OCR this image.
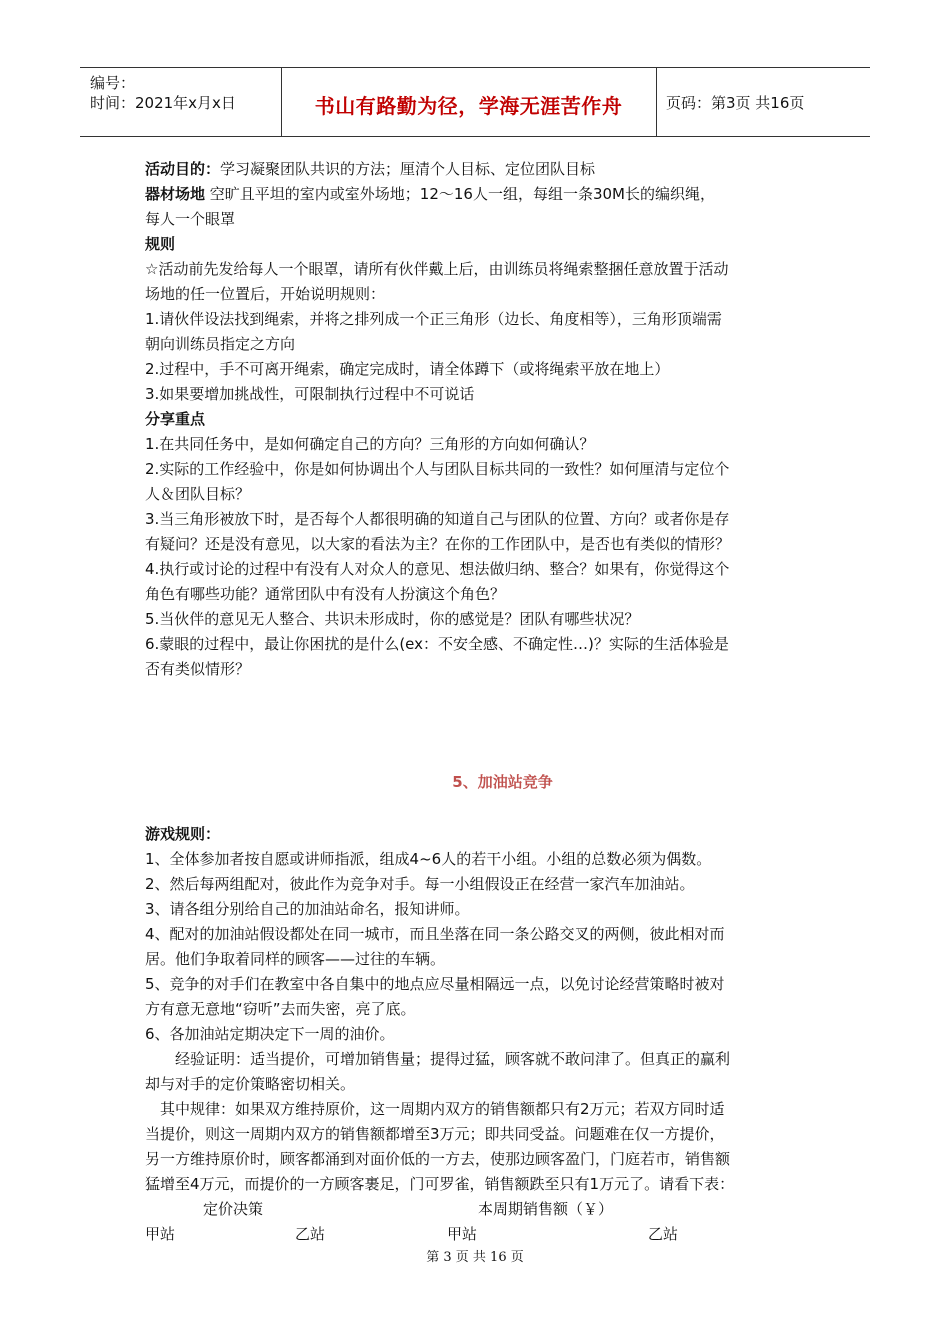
编号：
时间：2021年x月x日	书山有路勤为径，学海无涯苦作舟	页码：第3页 共16页
活动目的：学习凝聚团队共识的方法；厘清个人目标、定位团队目标
器材场地 空旷且平坦的室内或室外场地；12～16人一组，每组一条30M长的编织绳，
每人一个眼罩
规则
☆活动前先发给每人一个眼罩，请所有伙伴戴上后，由训练员将绳索整捆任意放置于活动
场地的任一位置后，开始说明规则：
1.请伙伴设法找到绳索，并将之排列成一个正三角形（边长、角度相等），三角形顶端需
朝向训练员指定之方向
2.过程中，手不可离开绳索，确定完成时，请全体蹲下（或将绳索平放在地上）
3.如果要增加挑战性，可限制执行过程中不可说话
分享重点
1.在共同任务中，是如何确定自己的方向？三角形的方向如何确认？
2.实际的工作经验中，你是如何协调出个人与团队目标共同的一致性？如何厘清与定位个
人＆团队目标？
3.当三角形被放下时，是否每个人都很明确的知道自己与团队的位置、方向？或者你是存
有疑问？还是没有意见，以大家的看法为主？在你的工作团队中，是否也有类似的情形？
4.执行或讨论的过程中有没有人对众人的意见、想法做归纳、整合？如果有，你觉得这个
角色有哪些功能？通常团队中有没有人扮演这个角色？
5.当伙伴的意见无人整合、共识未形成时，你的感觉是？团队有哪些状况？
6.蒙眼的过程中，最让你困扰的是什么(ex：不安全感、不确定性…)？实际的生活体验是
否有类似情形？
5、加油站竞争
游戏规则：
1、全体参加者按自愿或讲师指派，组成4~6人的若干小组。小组的总数必须为偶数。
2、然后每两组配对，彼此作为竞争对手。每一小组假设正在经营一家汽车加油站。
3、请各组分别给自己的加油站命名，报知讲师。
4、配对的加油站假设都处在同一城市，而且坐落在同一条公路交叉的两侧，彼此相对而
居。他们争取着同样的顾客——过往的车辆。
5、竞争的对手们在教室中各自集中的地点应尽量相隔远一点，以免讨论经营策略时被对
方有意无意地“窃听”去而失密，亮了底。
6、各加油站定期决定下一周的油价。
经验证明：适当提价，可增加销售量；提得过猛，顾客就不敢问津了。但真正的赢利
却与对手的定价策略密切相关。
其中规律：如果双方维持原价，这一周期内双方的销售额都只有2万元；若双方同时适
当提价，则这一周期内双方的销售额都增至3万元；即共同受益。问题难在仅一方提价，
另一方维持原价时，顾客都涌到对面价低的一方去，使那边顾客盈门，门庭若市，销售额
猛增至4万元，而提价的一方顾客裹足，门可罗雀，销售额跌至只有1万元了。请看下表：
定价决策	本周期销售额（￥）
甲站	乙站	甲站	乙站
第 3 页 共 16 页
